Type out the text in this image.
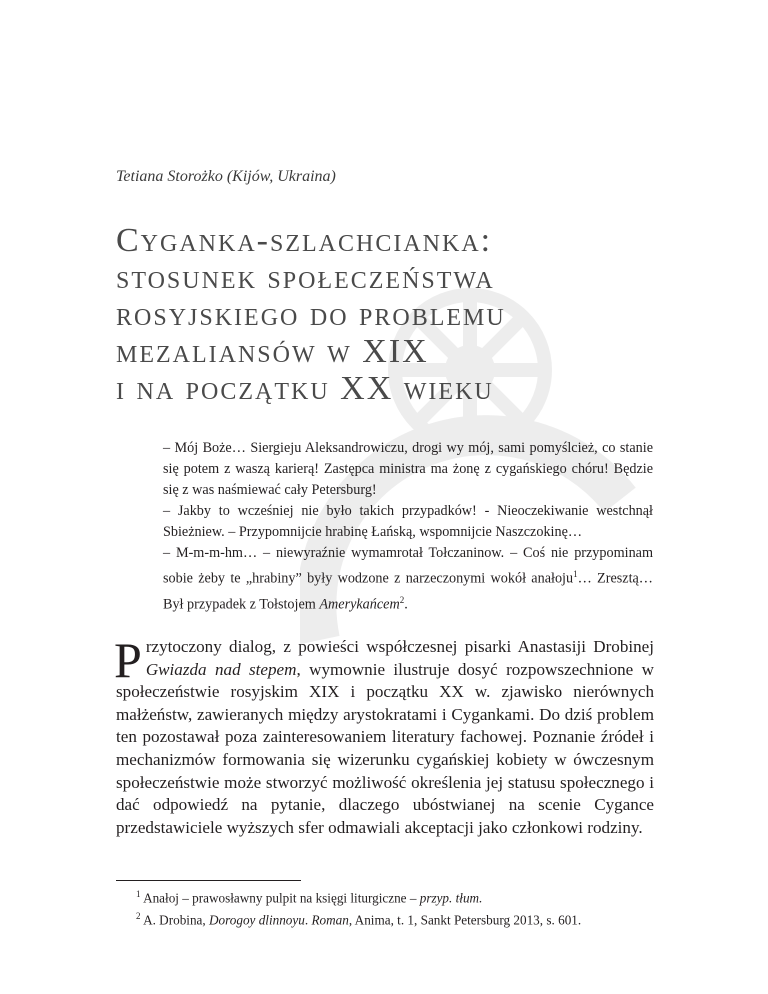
Tetiana Storożko (Kijów, Ukraina)
Cyganka-szlachcianka:
stosunek społeczeństwa
rosyjskiego do problemu
mezaliansów w XIX
i na początku XX wieku

– Mój Boże… Siergieju Aleksandrowiczu, drogi wy mój, sami pomyślcież, co stanie się potem z waszą karierą! Zastępca ministra ma żonę z cygańskiego chóru! Będzie się z was naśmiewać cały Petersburg!

– Jakby to wcześniej nie było takich przypadków! - Nieoczekiwanie westchnął Sbieżniew. – Przypomnijcie hrabinę Łańską, wspomnijcie Naszczokinę…

– M-m-m-hm… – niewyraźnie wymamrotał Tołczaninow. – Coś nie przypominam sobie żeby te „hrabiny” były wodzone z narzeczonymi wokół anałoju$^1$… Zresztą… Był przypadek z Tołstojem Amerykańcem$^2$.

Przytoczony dialog, z powieści współczesnej pisarki Anastasiji Drobinej Gwiazda nad stepem, wymownie ilustruje dosyć rozpowszechnione w społeczeństwie rosyjskim XIX i początku XX w. zjawisko nierównych małżeństw, zawieranych między arystokratami i Cygankami. Do dziś problem ten pozostawał poza zainteresowaniem literatury fachowej. Poznanie źródeł i mechanizmów formowania się wizerunku cygańskiej kobiety w ówczesnym społeczeństwie może stworzyć możliwość określenia jej statusu społecznego i dać odpowiedź na pytanie, dlaczego ubóstwianej na scenie Cygance przedstawiciele wyższych sfer odmawiali akceptacji jako członkowi rodziny.

$^1$ Anałoj – prawosławny pulpit na księgi liturgiczne – przyp. tłum.
$^2$ A. Drobina, Dorogoy dlinnoyu. Roman, Anima, t. 1, Sankt Petersburg 2013, s. 601.
